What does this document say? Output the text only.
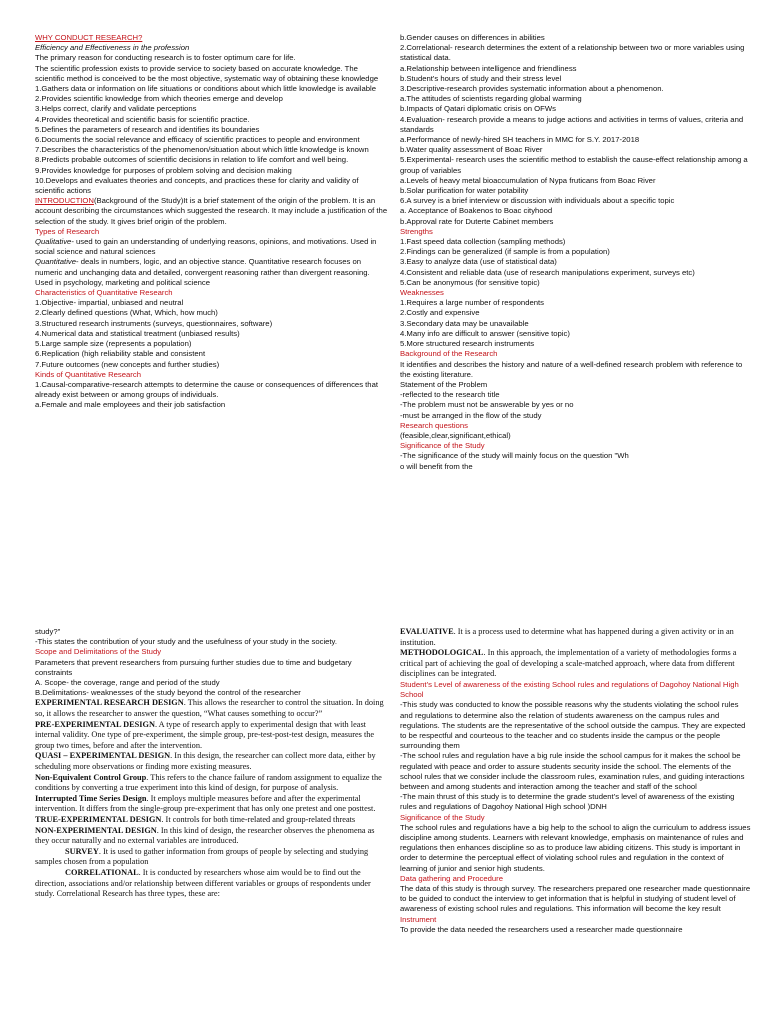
WHY CONDUCT RESEARCH?

Efficiency and Effectiveness in the profession

The primary reason for conducting research is to foster optimum care for life.

The scientific profession exists to provide service to society based on accurate knowledge. The scientific method is conceived to be the most objective, systematic way of obtaining these knowledge

1.Gathers data or information on life situations or conditions about which little knowledge is available

2.Provides scientific knowledge from which theories emerge and develop

3.Helps correct, clarify and validate perceptions

4.Provides theoretical and scientific basis for scientific practice.

5.Defines the parameters of research and identifies its boundaries

6.Documents the social relevance and efficacy of scientific practices to people and environment

7.Describes the characteristics of the phenomenon/situation about which little knowledge is known

8.Predicts probable outcomes of scientific decisions in relation to life comfort and well being.

9.Provides knowledge for purposes of problem solving and decision making

10.Develops and evaluates theories and concepts, and practices these for clarity and validity of scientific actions

INTRODUCTION(Background of the Study)It is a brief statement of the origin of the problem. It is an account describing the circumstances which suggested the research. It may include a justification of the selection of the study. It gives brief origin of the problem.

Types of Research

Qualitative- used to gain an understanding of underlying reasons, opinions, and motivations. Used in social science and natural sciences

Quantitative- deals in numbers, logic, and an objective stance. Quantitative research focuses on numeric and unchanging data and detailed, convergent reasoning rather than divergent reasoning. Used in psychology, marketing and political science

Characteristics of Quantitative Research

1.Objective- impartial, unbiased and neutral

2.Clearly defined questions (What, Which, how much)

3.Structured research instruments (surveys, questionnaires, software)

4.Numerical data and statistical treatment (unbiased results)

5.Large sample size (represents a population)

6.Replication (high reliability stable and consistent

7.Future outcomes (new concepts and further studies)

Kinds of Quantitative Research

1.Causal-comparative-research attempts to determine the cause or consequences of differences that already exist between or among groups of individuals.

a.Female and male employees and their job satisfaction

b.Gender causes on differences in abilities

2.Correlational- research determines the extent of a relationship between two or more variables using statistical data.

a.Relationship between intelligence and friendliness

b.Student's hours of study and their stress level

3.Descriptive-research provides systematic information about a phenomenon.

a.The attitudes of scientists regarding global warming

b.Impacts of Qatari diplomatic crisis on OFWs

4.Evaluation- research provide a means to judge actions and activities in terms of values, criteria and standards

a.Performance of newly-hired SH teachers in MMC for S.Y. 2017-2018

b.Water quality assessment of Boac River

5.Experimental- research uses the scientific method to establish the cause-effect relationship among a group of variables

a.Levels of heavy metal bioaccumulation of Nypa fruticans from Boac River

b.Solar purification for water potability

6.A survey is a brief interview or discussion with individuals about a specific topic

a. Acceptance of Boakenos to Boac cityhood

b.Approval rate for Duterte Cabinet members

Strengths

1.Fast speed data collection (sampling methods)

2.Findings can be generalized (if sample is from a population)

3.Easy to analyze data (use of statistical data)

4.Consistent and reliable data (use of research manipulations experiment, surveys etc)

5.Can be anonymous (for sensitive topic)

Weaknesses

1.Requires a large number of respondents

2.Costly and expensive

3.Secondary data may be unavailable

4.Many info are difficult to answer (sensitive topic)

5.More structured research instruments

Background of the Research

It identifies and describes the history and nature of a well-defined research problem with reference to the existing literature.

Statement of the Problem

-reflected to the research title

-The problem must not be answerable by yes or no

-must be arranged in the flow of the study

Research questions

(feasible,clear,significant,ethical)

Significance of the Study

-The significance of the study will mainly focus on the question "Wh

o will benefit from the

study?"

-This states the contribution of your study and the usefulness of your study in the society.

Scope and Delimitations of the Study

Parameters that prevent researchers from pursuing further studies due to time and budgetary constraints

A. Scope- the coverage, range and period of the study

B.Delimitations- weaknesses of the study beyond the control of the researcher

EXPERIMENTAL RESEARCH DESIGN. This allows the researcher to control the situation. In doing so, it allows the researcher to answer the question, “What causes something to occur?”

PRE-EXPERIMENTAL DESIGN. A type of research apply to experimental design that with least internal validity. One type of pre-experiment, the simple group, pre-test-post-test design, measures the group two times, before and after the intervention.

QUASI – EXPERIMENTAL DESIGN. In this design, the researcher can collect more data, either by scheduling more observations or finding more existing measures.

Non-Equivalent Control Group. This refers to the chance failure of random assignment to equalize the conditions by converting a true experiment into this kind of design, for purpose of analysis.

Interrupted Time Series Design. It employs multiple measures before and after the experimental intervention. It differs from the single-group pre-experiment that has only one pretest and one posttest.

TRUE-EXPERIMENTAL DESIGN. It controls for both time-related and group-related threats

NON-EXPERIMENTAL DESIGN. In this kind of design, the researcher observes the phenomena as they occur naturally and no external variables are introduced.

SURVEY. It is used to gather information from groups of people by selecting and studying samples chosen from a population

CORRELATIONAL. It is conducted by researchers whose aim would be to find out the direction, associations and/or relationship between different variables or groups of respondents under study. Correlational Research has three types, these are:

EVALUATIVE. It is a process used to determine what has happened during a given activity or in an institution.

METHODOLOGICAL. In this approach, the implementation of a variety of methodologies forms a critical part of achieving the goal of developing a scale-matched approach, where data from different disciplines can be integrated.

Student’s Level of awareness of the existing School rules and regulations of Dagohoy National High School

-This study was conducted to know the possible reasons why the students violating the school rules and regulations to determine also the relation of students awareness on the campus rules and regulations. The students are the representative of the school outside the campus. They are expected to be respectful and courteous to the teacher and co students inside the campus or the people surrounding them

-The school rules and regulation have a big rule inside the school campus for it makes the school be regulated with peace and order to assure students security inside the school. The elements of the school rules that we consider include the classroom rules, examination rules, and guiding interactions between and among students and interaction among the teacher and staff of the school

-The main thrust of this study is to determine the grade student’s level of awareness of the existing rules and regulations of Dagohoy National High school )DNH

Significance of the Study

The school rules and regulations have a big help to the school to align the curriculum to address issues discipline among students. Learners with relevant knowledge, emphasis on maintenance of rules and regulations then enhances discipline so as to produce law abiding citizens. This study is important in order to determine the perceptual effect of violating school rules and regulation in the context of learning of junior and senior high students.

Data gathering and Procedure

The data of this study is through survey. The researchers prepared one researcher made questionnaire to be guided to conduct the interview to get information that is helpful in studying of student level of awareness of existing school rules and regulations. This information will become the key result

Instrument

To provide the data needed the researchers used a researcher made questionnaire
